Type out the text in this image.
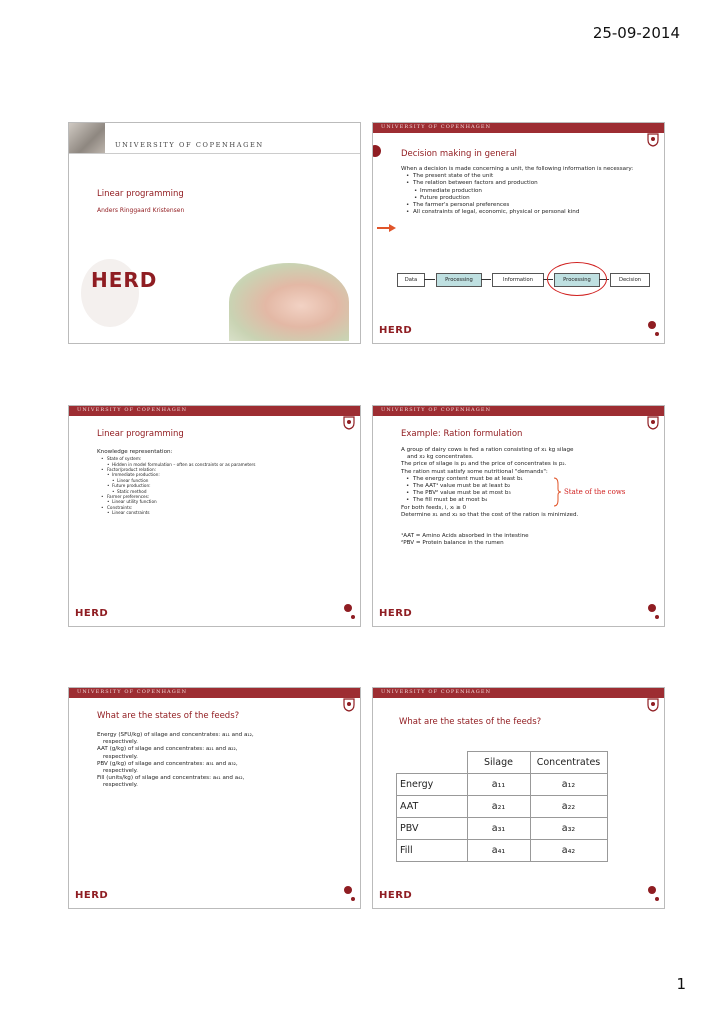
25-09-2014
UNIVERSITY OF COPENHAGEN
Linear programming
Anders Ringgaard Kristensen
HERD
UNIVERSITY OF COPENHAGEN
Decision making in general

When a decision is made concerning a unit, the following information is necessary:

• The present state of the unit

• The relation between factors and production

• Immediate production

• Future production

• The farmer's personal preferences

• All constraints of legal, economic, physical or personal kind

Data	Processing	Information	Processing	Decision
HERD
UNIVERSITY OF COPENHAGEN
Linear programming

Knowledge representation:

• State of system:

• Hidden in model formulation – often as constraints or as parameters

• Factor/product relation:

• Immediate production:

• Linear function

• Future production:

• Static method

• Farmer preferences:

• Linear utility function

• Constraints:

• Linear constraints

HERD
UNIVERSITY OF COPENHAGEN
Example: Ration formulation

A group of dairy cows is fed a ration consisting of x₁ kg silage

and x₂ kg concentrates.

The price of silage is p₁ and the price of concentrates is p₂.

The ration must satisfy some nutritional "demands":

• The energy content must be at least b₁

• The AAT¹ value must be at least b₂

• The PBV² value must be at most b₃

• The fill must be at most b₄

For both feeds, i, xᵢ ≥ 0

Determine x₁ and x₂ so that the cost of the ration is minimized.

¹AAT = Amino Acids absorbed in the intestine

²PBV = Protein balance in the rumen

State of the cows
HERD
UNIVERSITY OF COPENHAGEN
What are the states of the feeds?

Energy (SFU/kg) of silage and concentrates: a₁₁ and a₁₂,

respectively.

AAT (g/kg) of silage and concentrates: a₂₁ and a₂₂,

respectively.

PBV (g/kg) of silage and concentrates: a₃₁ and a₃₂,

respectively.

Fill (units/kg) of silage and concentrates: a₄₁ and a₄₂,

respectively.

HERD
UNIVERSITY OF COPENHAGEN
What are the states of the feeds?
	Silage	Concentrates
Energy	a₁₁	a₁₂
AAT	a₂₁	a₂₂
PBV	a₃₁	a₃₂
Fill	a₄₁	a₄₂
HERD
1
